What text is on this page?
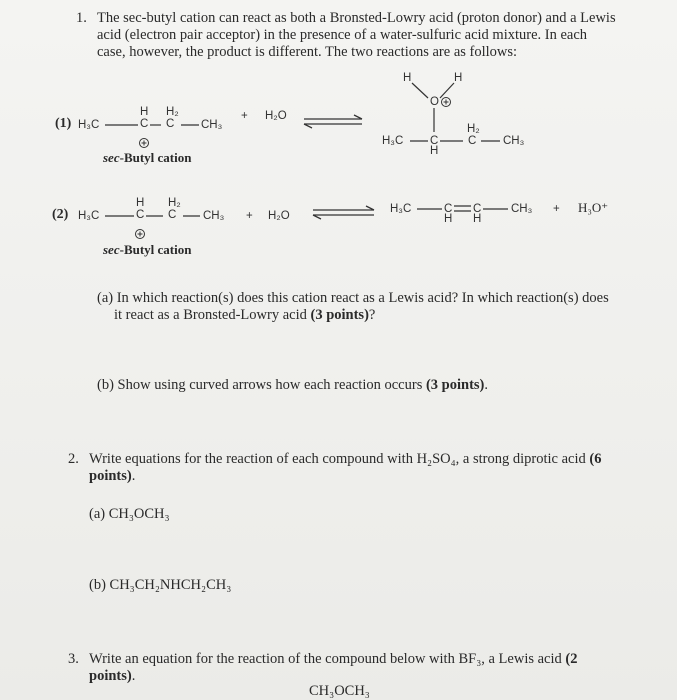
1. The sec-butyl cation can react as both a Bronsted-Lowry acid (proton donor) and a Lewis
acid (electron pair acceptor) in the presence of a water-sulfuric acid mixture. In each
case, however, the product is different. The two reactions are as follows:
(1) H₃C
H
C
H₂
C CH₃
+ H₂O
sec-Butyl cation
H	H
O
H₃C C
H
H₂
C CH₃
(2) H₃C
H
C
H₂
C CH₃ + H₂O
sec-Butyl cation
H₃C	C
H
C
H
CH₃ + H₃O⁺
(a) In which reaction(s) does this cation react as a Lewis acid? In which reaction(s) does
it react as a Bronsted-Lowry acid (3 points)?
(b) Show using curved arrows how each reaction occurs (3 points).
2. Write equations for the reaction of each compound with H₂SO₄, a strong diprotic acid (6
points).
(a) CH₃OCH₃
(b) CH₃CH₂NHCH₂CH₃
3. Write an equation for the reaction of the compound below with BF₃, a Lewis acid (2
points).
CH₃OCH₃
